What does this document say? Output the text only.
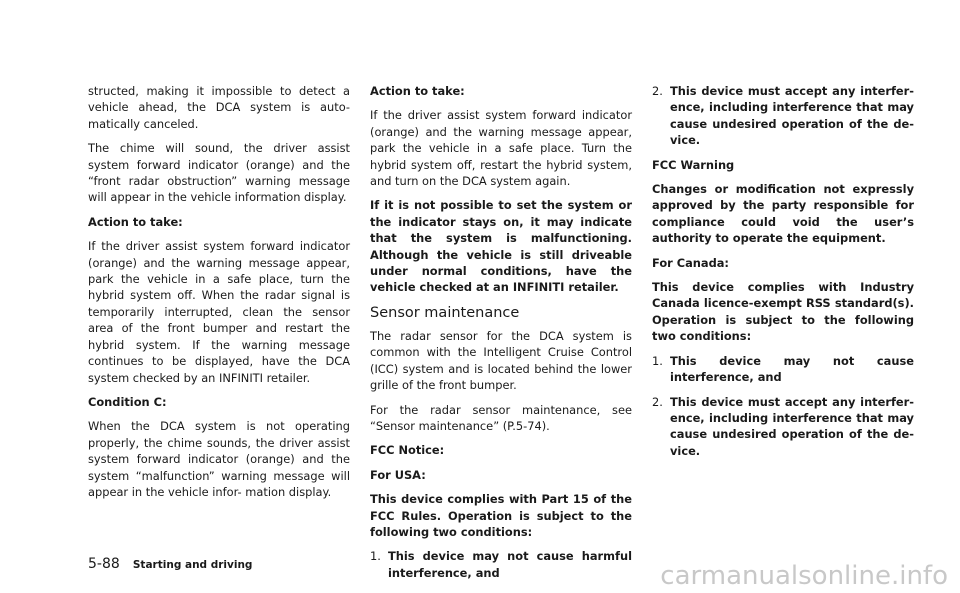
structed, making it impossible to detect a vehicle ahead, the DCA system is auto- matically canceled.

The chime will sound, the driver assist system forward indicator (orange) and the “front radar obstruction” warning message will appear in the vehicle information display.

Action to take:

If the driver assist system forward indicator (orange) and the warning message appear, park the vehicle in a safe place, turn the hybrid system off. When the radar signal is temporarily interrupted, clean the sensor area of the front bumper and restart the hybrid system. If the warning message continues to be displayed, have the DCA system checked by an INFINITI retailer.

Condition C:

When the DCA system is not operating properly, the chime sounds, the driver assist system forward indicator (orange) and the system “malfunction” warning message will appear in the vehicle infor- mation display.

Action to take:

If the driver assist system forward indicator (orange) and the warning message appear, park the vehicle in a safe place. Turn the hybrid system off, restart the hybrid system, and turn on the DCA system again.

If it is not possible to set the system or the indicator stays on, it may indicate that the system is malfunctioning. Although the vehicle is still driveable under normal conditions, have the vehicle checked at an INFINITI retailer.

Sensor maintenance

The radar sensor for the DCA system is common with the Intelligent Cruise Control (ICC) system and is located behind the lower grille of the front bumper.

For the radar sensor maintenance, see “Sensor maintenance” (P.5-74).

FCC Notice:

For USA:

This device complies with Part 15 of the FCC Rules. Operation is subject to the following two conditions:

1. This device may not cause harmful interference, and
2. This device must accept any interfer- ence, including interference that may cause undesired operation of the de- vice.

FCC Warning

Changes or modification not expressly approved by the party responsible for compliance could void the user’s authority to operate the equipment.

For Canada:

This device complies with Industry Canada licence-exempt RSS standard(s). Operation is subject to the following two conditions:

1. This device may not cause interference, and
2. This device must accept any interfer- ence, including interference that may cause undesired operation of the de- vice.
5-88 Starting and driving	carmanualsonline.info
